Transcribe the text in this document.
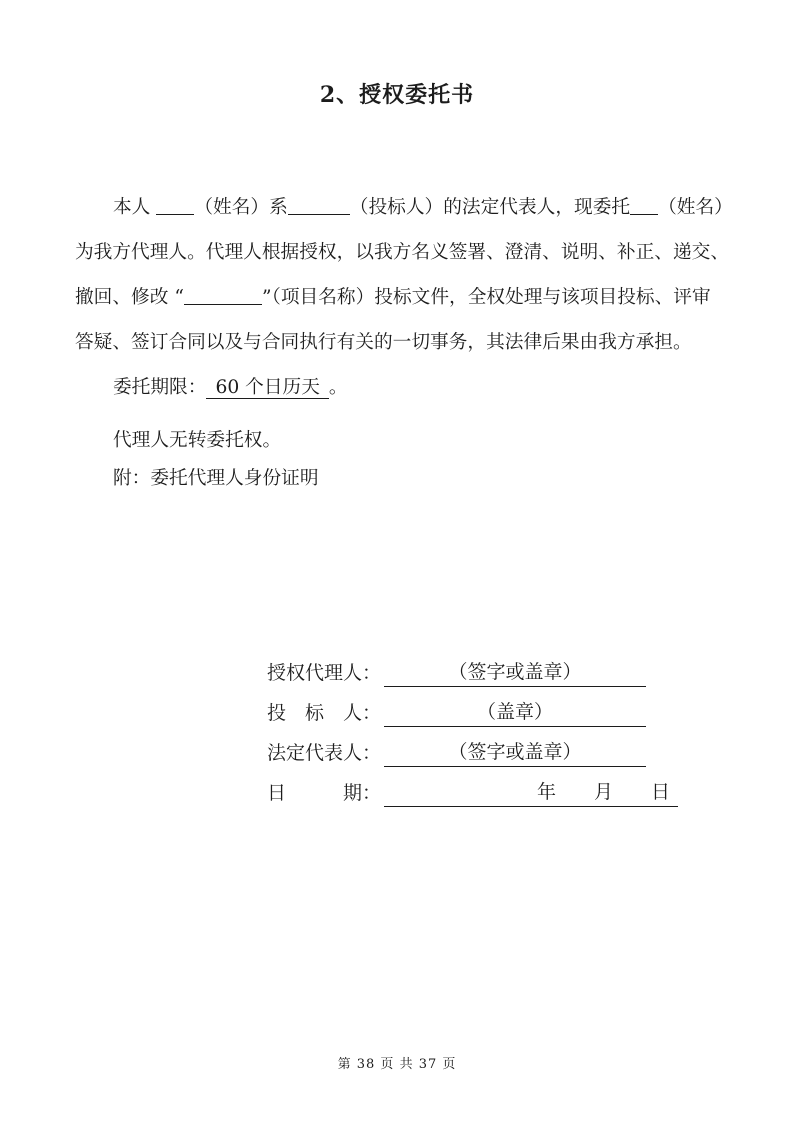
2、授权委托书
本人 （姓名）系	（投标人）的法定代表人，现委托 （姓名）
为我方代理人。代理人根据授权，以我方名义签署、澄清、说明、补正、递交、
撤回、修改 “	”（项目名称）投标文件，全权处理与该项目投标、评审
答疑、签订合同以及与合同执行有关的一切事务，其法律后果由我方承担。
委托期限： 60 个日历天 。
代理人无转委托权。
附：委托代理人身份证明
授权代理人：	（签字或盖章）
投　标　人：	（盖章）
法定代表人：	（签字或盖章）
日　　　期：	年　　月　　日
第 38 页 共 37 页
